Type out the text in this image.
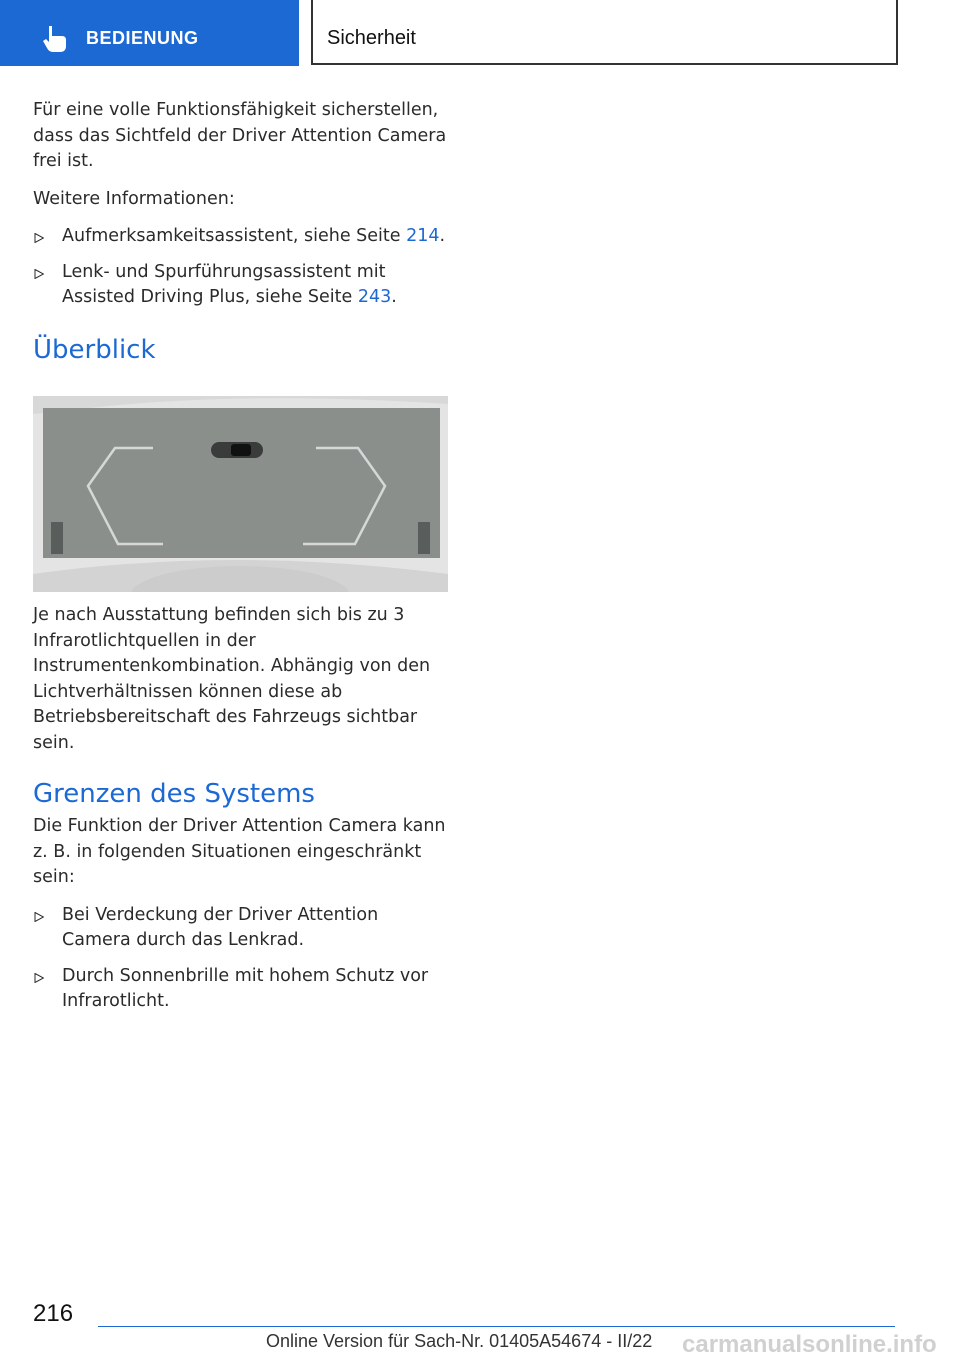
BEDIENUNG	Sicherheit

Für eine volle Funktionsfähigkeit sicherstellen, dass das Sichtfeld der Driver Attention Camera frei ist.

Weitere Informationen:

Aufmerksamkeitsassistent, siehe Seite 214.
Lenk- und Spurführungsassistent mit Assisted Driving Plus, siehe Seite 243.
Überblick

Je nach Ausstattung befinden sich bis zu 3 Infrarotlichtquellen in der Instrumentenkombination. Abhängig von den Lichtverhältnissen können diese ab Betriebsbereitschaft des Fahrzeugs sichtbar sein.

Grenzen des Systems

Die Funktion der Driver Attention Camera kann z. B. in folgenden Situationen eingeschränkt sein:

Bei Verdeckung der Driver Attention Camera durch das Lenkrad.
Durch Sonnenbrille mit hohem Schutz vor Infrarotlicht.
216
Online Version für Sach-Nr. 01405A54674 - II/22 carmanualsonline.info
